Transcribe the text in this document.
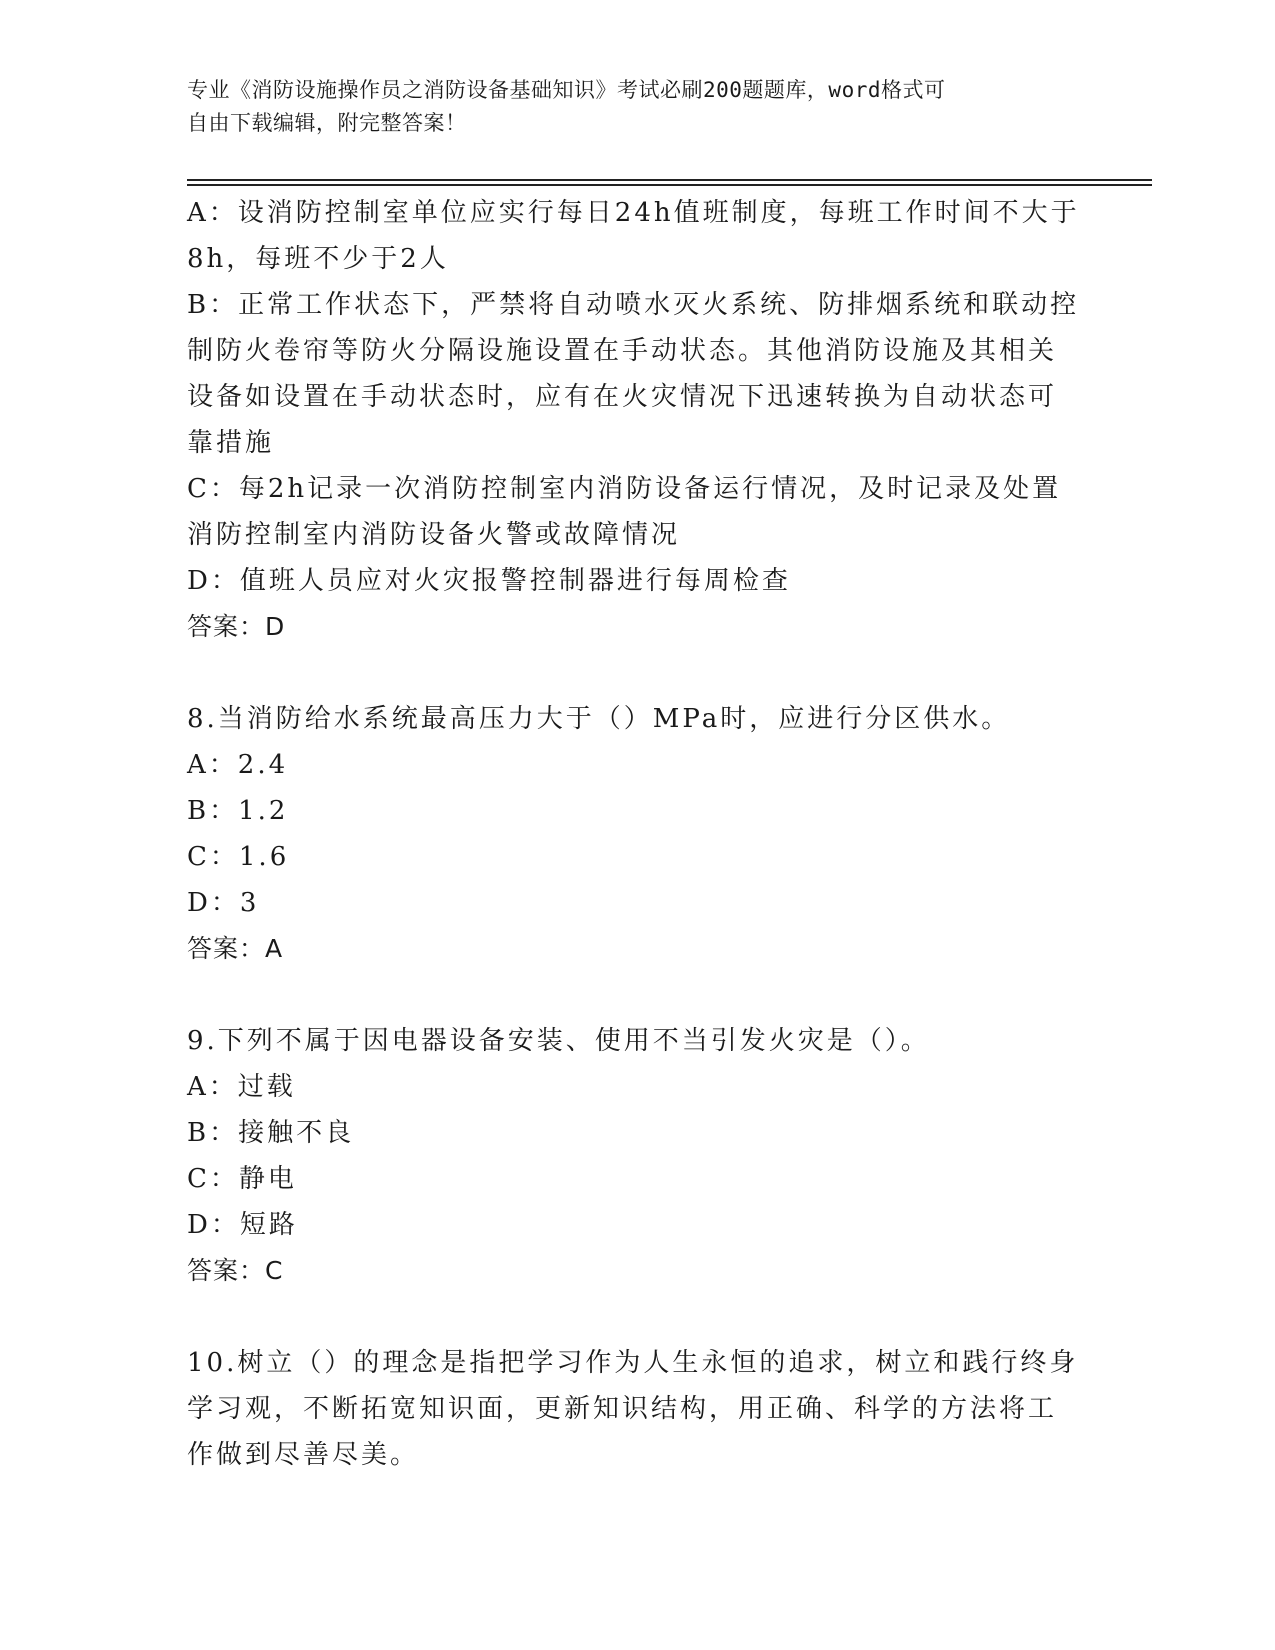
专业《消防设施操作员之消防设备基础知识》考试必刷200题题库，word格式可
自由下载编辑，附完整答案！
A：设消防控制室单位应实行每日24h值班制度，每班工作时间不大于
8h，每班不少于2人
B：正常工作状态下，严禁将自动喷水灭火系统、防排烟系统和联动控
制防火卷帘等防火分隔设施设置在手动状态。其他消防设施及其相关
设备如设置在手动状态时，应有在火灾情况下迅速转换为自动状态可
靠措施
C：每2h记录一次消防控制室内消防设备运行情况，及时记录及处置
消防控制室内消防设备火警或故障情况
D：值班人员应对火灾报警控制器进行每周检查
答案：D
8.当消防给水系统最高压力大于（）MPa时，应进行分区供水。
A：2.4
B：1.2
C：1.6
D：3
答案：A
9.下列不属于因电器设备安装、使用不当引发火灾是（）。
A：过载
B：接触不良
C：静电
D：短路
答案：C
10.树立（）的理念是指把学习作为人生永恒的追求，树立和践行终身
学习观，不断拓宽知识面，更新知识结构，用正确、科学的方法将工
作做到尽善尽美。
